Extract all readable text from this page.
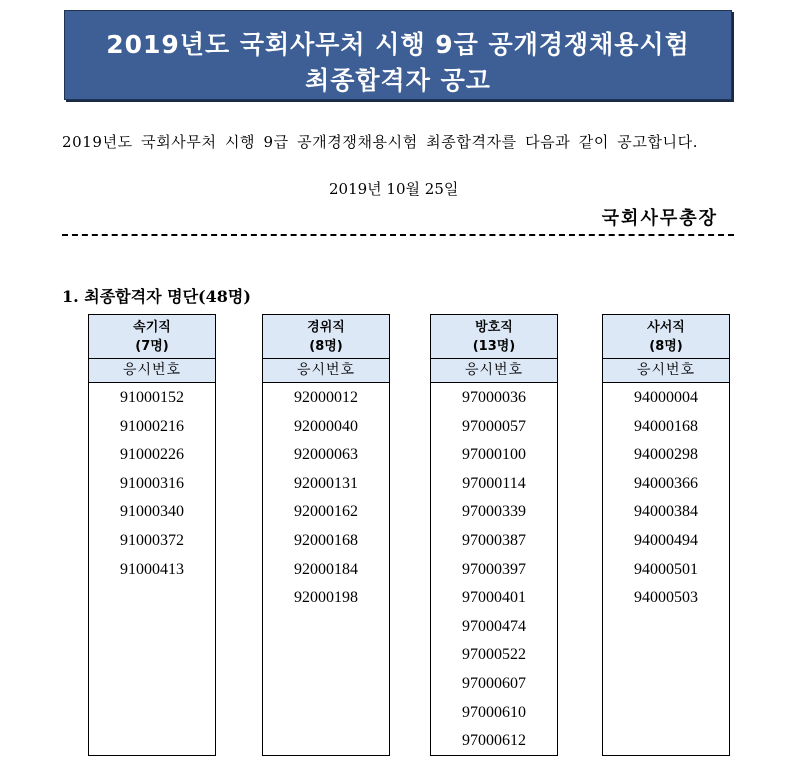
2019년도 국회사무처 시행 9급 공개경쟁채용시험
최종합격자 공고
2019년도 국회사무처 시행 9급 공개경쟁채용시험 최종합격자를 다음과 같이 공고합니다.
2019년 10월 25일
국회사무총장
1. 최종합격자 명단(48명)
속기직
(7명)
응시번호
91000152
91000216
91000226
91000316
91000340
91000372
91000413
경위직
(8명)
응시번호
92000012
92000040
92000063
92000131
92000162
92000168
92000184
92000198
방호직
(13명)
응시번호
97000036
97000057
97000100
97000114
97000339
97000387
97000397
97000401
97000474
97000522
97000607
97000610
97000612
사서직
(8명)
응시번호
94000004
94000168
94000298
94000366
94000384
94000494
94000501
94000503
